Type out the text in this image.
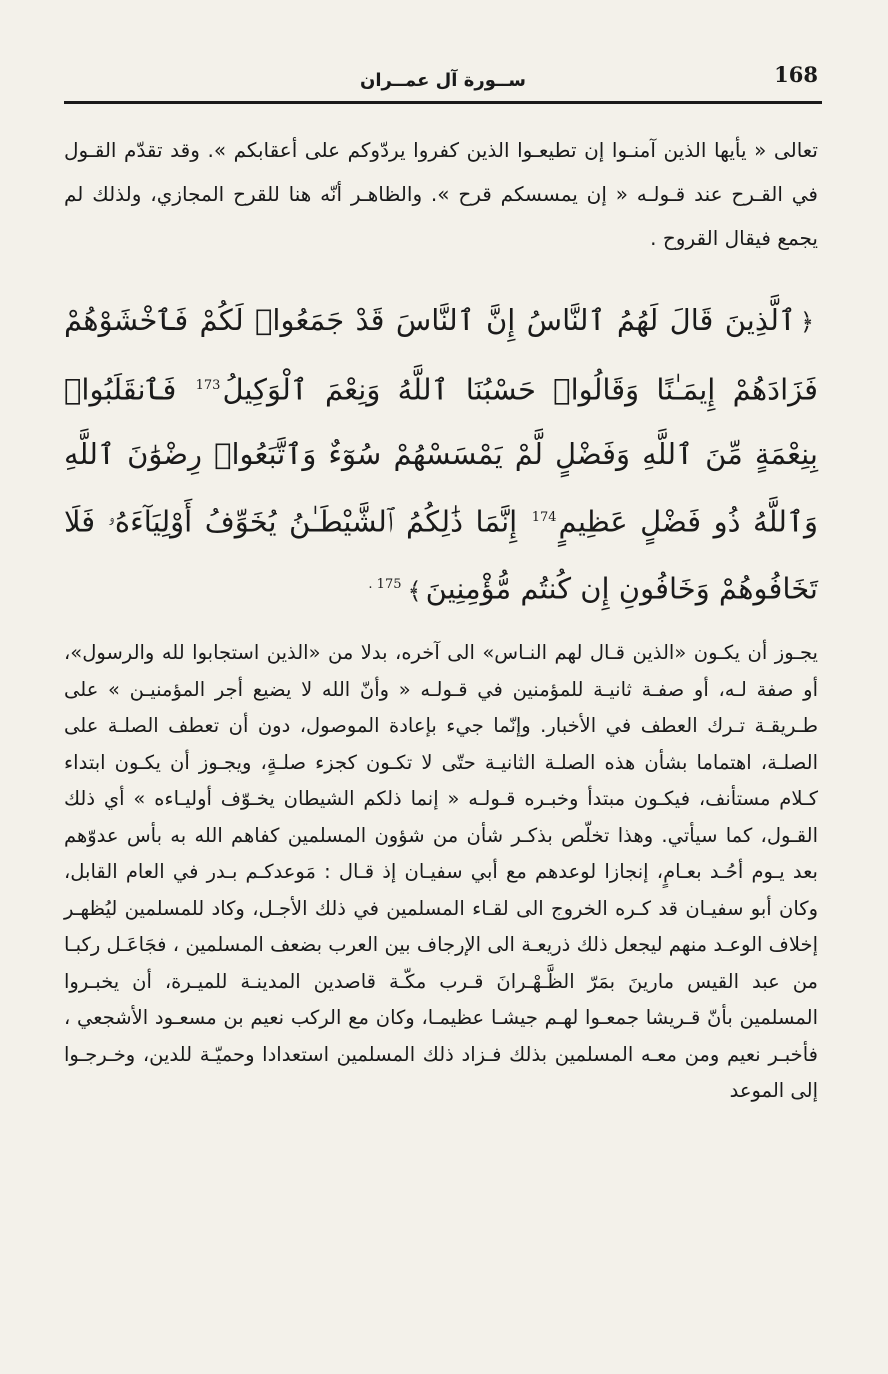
168
ســورة آل عمــران

تعالى « يأيها الذين آمنـوا إن تطيعـوا الذين كفروا يردّوكم على أعقابكم ». وقد تقدّم القـول في القـرح عند قـولـه « إن يمسسكم قرح ». والظاهـر أنّه هنا للقرح المجازي، ولذلك لم يجمع فيقال القروح .

﴿ٱلَّذِينَ قَالَ لَهُمُ ٱلنَّاسُ إِنَّ ٱلنَّاسَ قَدْ جَمَعُوا۟ لَكُمْ فَٱخْشَوْهُمْ فَزَادَهُمْ إِيمَـٰنًا وَقَالُوا۟ حَسْبُنَا ٱللَّهُ وَنِعْمَ ٱلْوَكِيلُ$^{173}$ فَٱنقَلَبُوا۟ بِنِعْمَةٍ مِّنَ ٱللَّهِ وَفَضْلٍ لَّمْ يَمْسَسْهُمْ سُوٓءٌ وَٱتَّبَعُوا۟ رِضْوَٰنَ ٱللَّهِ وَٱللَّهُ ذُو فَضْلٍ عَظِيمٍ$^{174}$ إِنَّمَا ذَٰلِكُمُ ٱلشَّيْطَـٰنُ يُخَوِّفُ أَوْلِيَآءَهُۥ فَلَا تَخَافُوهُمْ وَخَافُونِ إِن كُنتُم مُّؤْمِنِينَ﴾$^{175 .}$

يجـوز أن يكـون «الذين قـال لهم النـاس» الى آخره، بدلا من «الذين استجابوا لله والرسول»، أو صفة لـه، أو صفـة ثانيـة للمؤمنين في قـولـه « وأنّ الله لا يضيع أجر المؤمنيـن » على طـريقـة تـرك العطف في الأخبار. وإنّما جيء بإعادة الموصول، دون أن تعطف الصلـة على الصلـة، اهتماما بشأن هذه الصلـة الثانيـة حتّى لا تكـون كجزء صلـةٍ، ويجـوز أن يكـون ابتداء كـلام مستأنف، فيكـون مبتدأ وخبـره قـولـه « إنما ذلكم الشيطان يخـوّف أوليـاءه » أي ذلك القـول، كما سيأتي. وهذا تخلّص بذكـر شأن من شؤون المسلمين كفاهم الله به بأس عدوّهم بعد يـوم أحُـد بعـامٍ، إنجازا لوعدهم مع أبي سفيـان إذ قـال : مَوعدكـم بـدر في العام القابل، وكان أبو سفيـان قد كـره الخروج الى لقـاء المسلمين في ذلك الأجـل، وكاد للمسلمين ليُظهـر إخلاف الوعـد منهم ليجعل ذلك ذريعـة الى الإرجاف بين العرب بضعف المسلمين ، فجَاعَـل ركبـا من عبد القيس مارينَ بمَرّ الظَّـهْـرانَ قـرب مكّـة قاصدين المدينـة للميـرة، أن يخبـروا المسلمين بأنّ قـريشا جمعـوا لهـم جيشـا عظيمـا، وكان مع الركب نعيم بن مسعـود الأشجعي ، فأخبـر نعيم ومن معـه المسلمين بذلك فـزاد ذلك المسلمين استعدادا وحميّـة للدين، وخـرجـوا إلى الموعد
